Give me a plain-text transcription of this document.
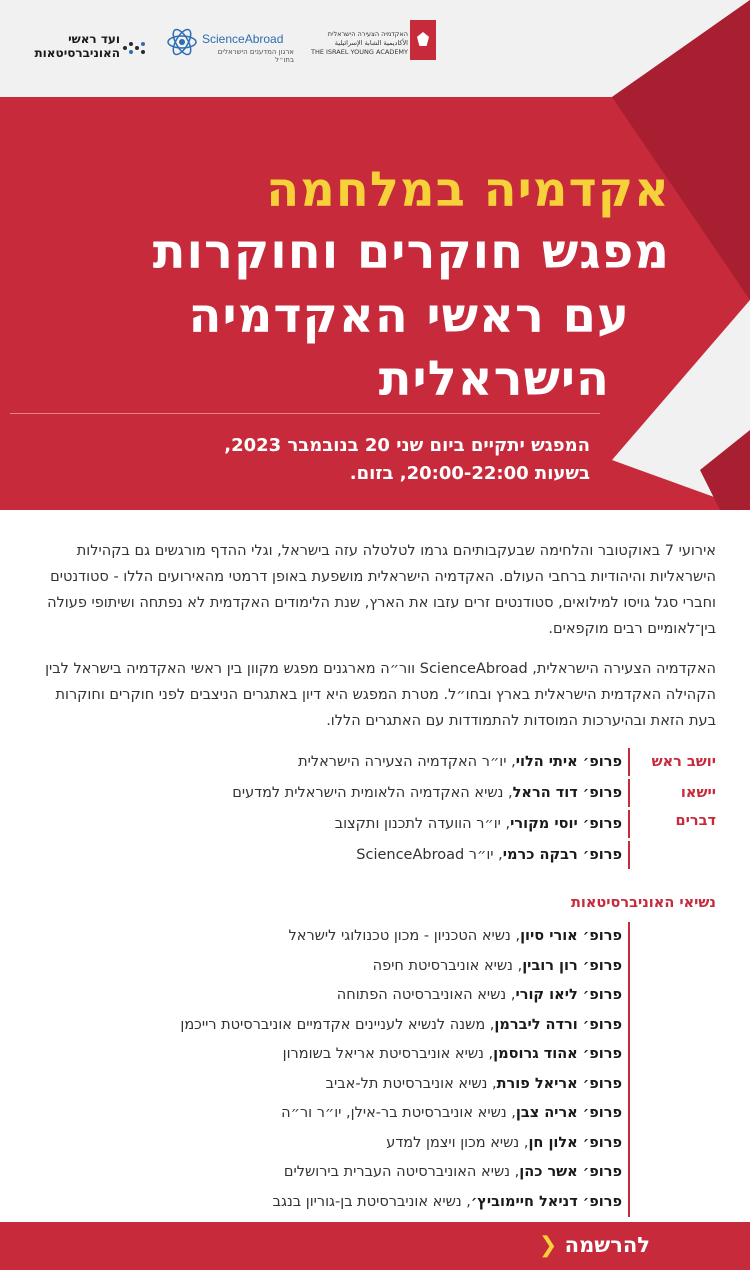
ועד ראשי
האוניברסיטאות
ScienceAbroad
ארגון המדענים הישראלים בחו״ל
האקדמיה הצעירה הישראלית
الأكاديمية الشابة الإسرائيلية
THE ISRAEL YOUNG ACADEMY

אקדמיה במלחמה

מפגש חוקרים וחוקרות

עם ראשי האקדמיה

הישראלית

המפגש יתקיים ביום שני 20 בנובמבר 2023,
בשעות 20:00-22:00, בזום.

אירועי 7 באוקטובר והלחימה שבעקבותיהם גרמו לטלטלה עזה בישראל, וגלי ההדף מורגשים גם בקהילות הישראליות והיהודיות ברחבי העולם. האקדמיה הישראלית מושפעת באופן דרמטי מהאירועים הללו - סטודנטים וחברי סגל גויסו למילואים, סטודנטים זרים עזבו את הארץ, שנת הלימודים האקדמית לא נפתחה ושיתופי פעולה בין־לאומיים רבים מוקפאים.

האקדמיה הצעירה הישראלית, ScienceAbroad וור״ה מארגנים מפגש מקוון בין ראשי האקדמיה בישראל לבין הקהילה האקדמית הישראלית בארץ ובחו״ל. מטרת המפגש היא דיון באתגרים הניצבים לפני חוקרים וחוקרות בעת הזאת ובהיערכות המוסדות להתמודדות עם האתגרים הללו.

יושב ראש
פרופ׳ איתי הלוי, יו״ר האקדמיה הצעירה הישראלית
יישאו דברים
פרופ׳ דוד הראל, נשיא האקדמיה הלאומית הישראלית למדעים
פרופ׳ יוסי מקורי, יו״ר הוועדה לתכנון ותקצוב
פרופ׳ רבקה כרמי, יו״ר ScienceAbroad
נשיאי האוניברסיטאות
פרופ׳ אורי סיון, נשיא הטכניון - מכון טכנולוגי לישראל
פרופ׳ רון רובין, נשיא אוניברסיטת חיפה
פרופ׳ ליאו קורי, נשיא האוניברסיטה הפתוחה
פרופ׳ ורדה ליברמן, משנה לנשיא לעניינים אקדמיים אוניברסיטת רייכמן
פרופ׳ אהוד גרוסמן, נשיא אוניברסיטת אריאל בשומרון
פרופ׳ אריאל פורת, נשיא אוניברסיטת תל-אביב
פרופ׳ אריה צבן, נשיא אוניברסיטת בר-אילן, יו״ר ור״ה
פרופ׳ אלון חן, נשיא מכון ויצמן למדע
פרופ׳ אשר כהן, נשיא האוניברסיטה העברית בירושלים
פרופ׳ דניאל חיימוביץ׳, נשיא אוניברסיטת בן-גוריון בנגב
להרשמה ❮
